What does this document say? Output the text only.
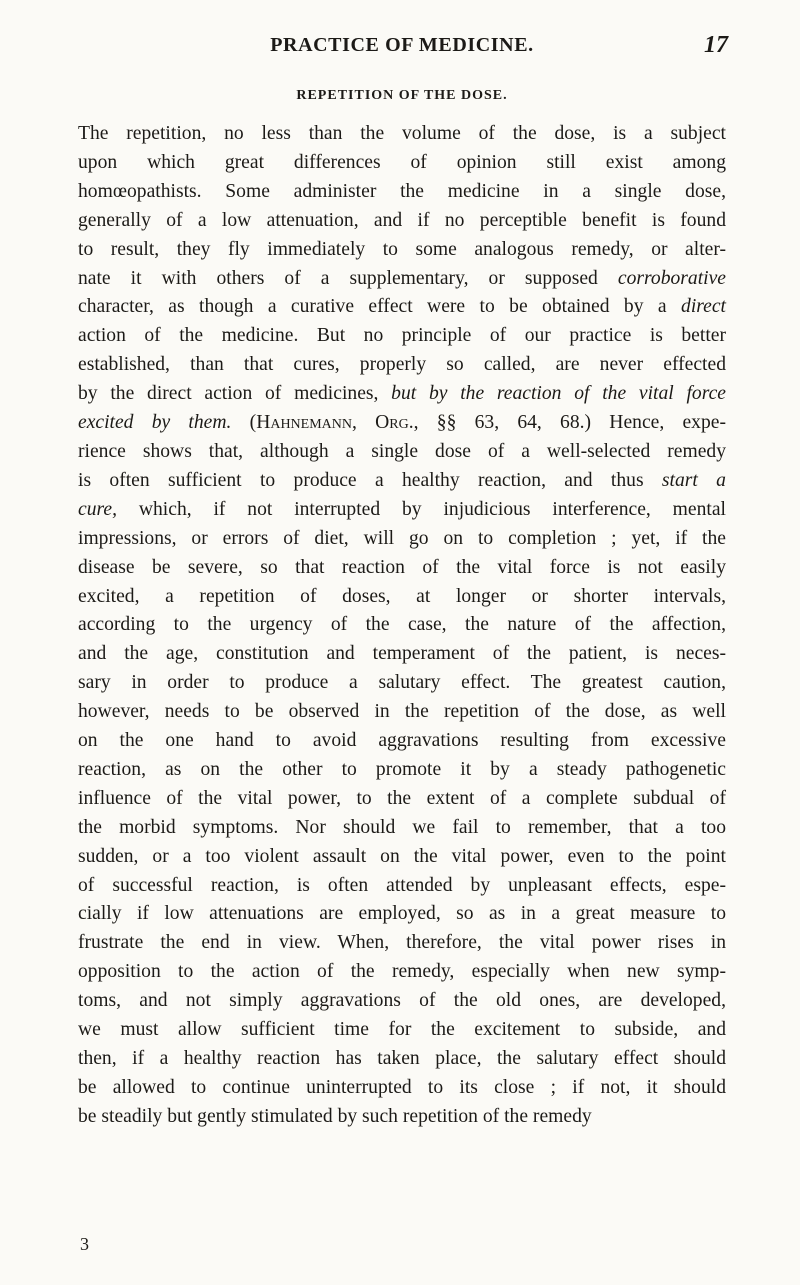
PRACTICE OF MEDICINE.	17
REPETITION OF THE DOSE.
The repetition, no less than the volume of the dose, is a subject
upon which great differences of opinion still exist among
homœopathists. Some administer the medicine in a single dose,
generally of a low attenuation, and if no perceptible benefit is found
to result, they fly immediately to some analogous remedy, or alter-
nate it with others of a supplementary, or supposed corroborative
character, as though a curative effect were to be obtained by a direct
action of the medicine. But no principle of our practice is better
established, than that cures, properly so called, are never effected
by the direct action of medicines, but by the reaction of the vital force
excited by them. (Hahnemann, Org., §§ 63, 64, 68.) Hence, expe-
rience shows that, although a single dose of a well-selected remedy
is often sufficient to produce a healthy reaction, and thus start a
cure, which, if not interrupted by injudicious interference, mental
impressions, or errors of diet, will go on to completion ; yet, if the
disease be severe, so that reaction of the vital force is not easily
excited, a repetition of doses, at longer or shorter intervals,
according to the urgency of the case, the nature of the affection,
and the age, constitution and temperament of the patient, is neces-
sary in order to produce a salutary effect. The greatest caution,
however, needs to be observed in the repetition of the dose, as well
on the one hand to avoid aggravations resulting from excessive
reaction, as on the other to promote it by a steady pathogenetic
influence of the vital power, to the extent of a complete subdual of
the morbid symptoms. Nor should we fail to remember, that a too
sudden, or a too violent assault on the vital power, even to the point
of successful reaction, is often attended by unpleasant effects, espe-
cially if low attenuations are employed, so as in a great measure to
frustrate the end in view. When, therefore, the vital power rises in
opposition to the action of the remedy, especially when new symp-
toms, and not simply aggravations of the old ones, are developed,
we must allow sufficient time for the excitement to subside, and
then, if a healthy reaction has taken place, the salutary effect should
be allowed to continue uninterrupted to its close ; if not, it should
be steadily but gently stimulated by such repetition of the remedy
3
